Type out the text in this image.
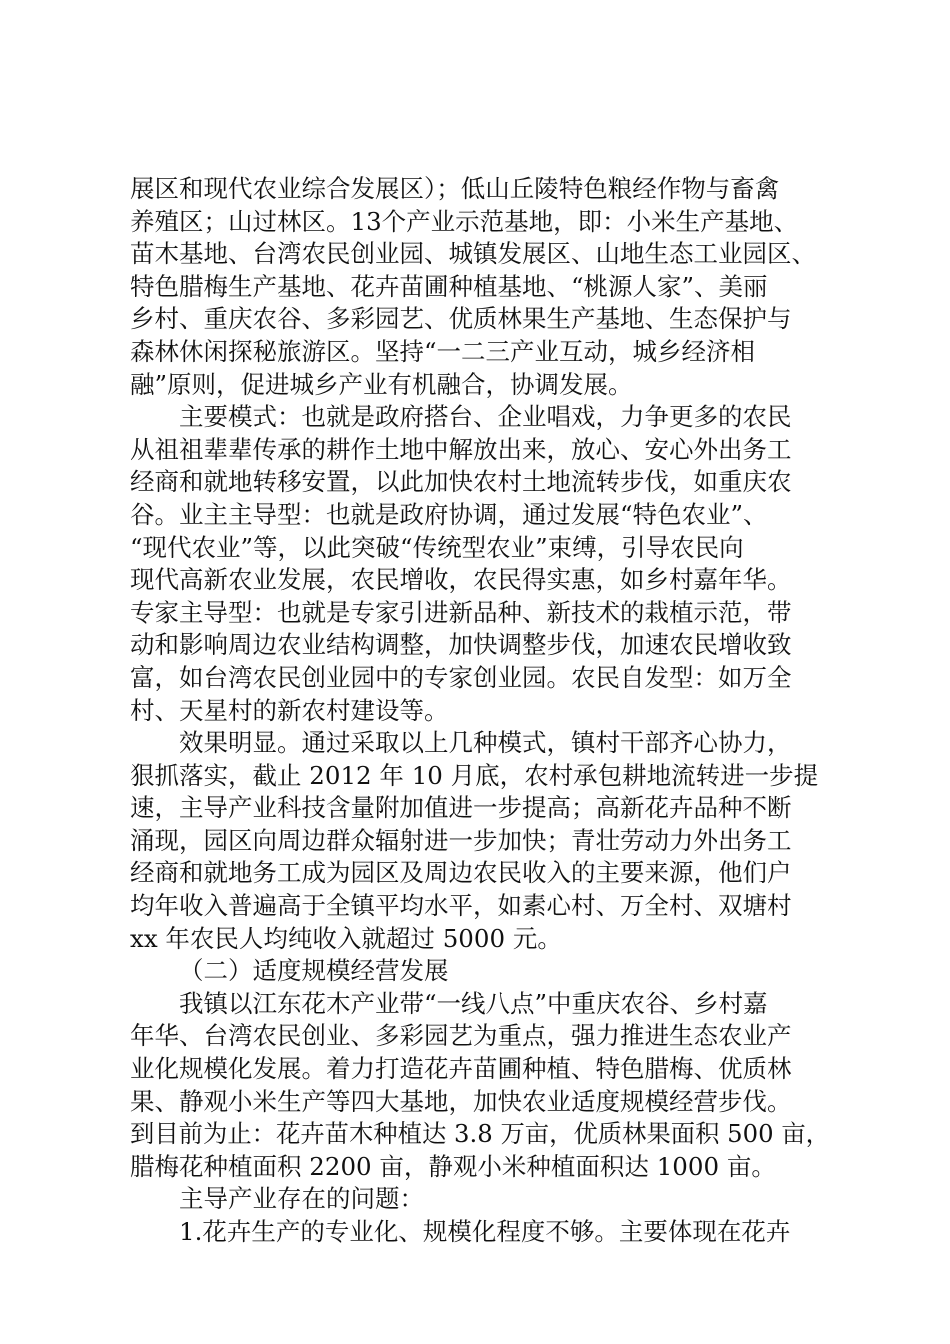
展区和现代农业综合发展区）；低山丘陵特色粮经作物与畜禽
养殖区；山过林区。13个产业示范基地，即：小米生产基地、
苗木基地、台湾农民创业园、城镇发展区、山地生态工业园区、
特色腊梅生产基地、花卉苗圃种植基地、“桃源人家”、美丽
乡村、重庆农谷、多彩园艺、优质林果生产基地、生态保护与
森林休闲探秘旅游区。坚持“一二三产业互动，城乡经济相
融”原则，促进城乡产业有机融合，协调发展。
主要模式：也就是政府搭台、企业唱戏，力争更多的农民
从祖祖辈辈传承的耕作土地中解放出来，放心、安心外出务工
经商和就地转移安置，以此加快农村土地流转步伐，如重庆农
谷。业主主导型：也就是政府协调，通过发展“特色农业”、
“现代农业”等，以此突破“传统型农业”束缚，引导农民向
现代高新农业发展，农民增收，农民得实惠，如乡村嘉年华。
专家主导型：也就是专家引进新品种、新技术的栽植示范，带
动和影响周边农业结构调整，加快调整步伐，加速农民增收致
富，如台湾农民创业园中的专家创业园。农民自发型：如万全
村、天星村的新农村建设等。
效果明显。通过采取以上几种模式，镇村干部齐心协力，
狠抓落实，截止 2012 年 10 月底，农村承包耕地流转进一步提
速，主导产业科技含量附加值进一步提高；高新花卉品种不断
涌现，园区向周边群众辐射进一步加快；青壮劳动力外出务工
经商和就地务工成为园区及周边农民收入的主要来源，他们户
均年收入普遍高于全镇平均水平，如素心村、万全村、双塘村
xx 年农民人均纯收入就超过 5000 元。
（二）适度规模经营发展
我镇以江东花木产业带“一线八点”中重庆农谷、乡村嘉
年华、台湾农民创业、多彩园艺为重点，强力推进生态农业产
业化规模化发展。着力打造花卉苗圃种植、特色腊梅、优质林
果、静观小米生产等四大基地，加快农业适度规模经营步伐。
到目前为止：花卉苗木种植达 3.8 万亩，优质林果面积 500 亩，
腊梅花种植面积 2200 亩，静观小米种植面积达 1000 亩。
主导产业存在的问题：
1.花卉生产的专业化、规模化程度不够。主要体现在花卉
